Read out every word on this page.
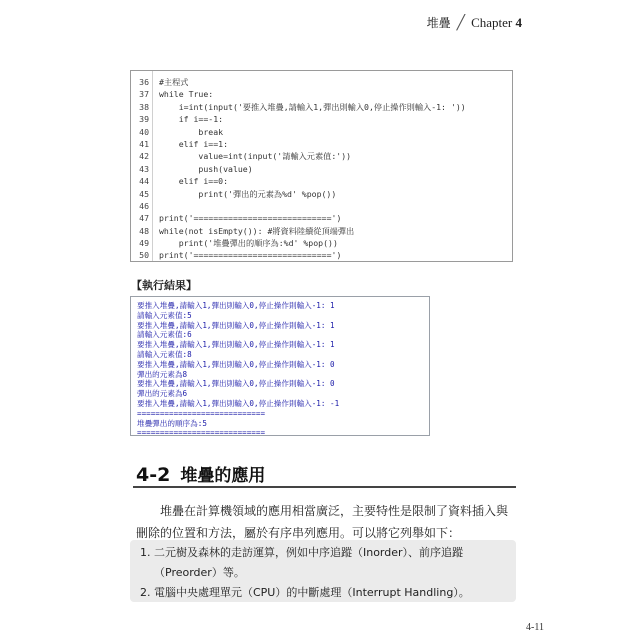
堆疊 ╱ Chapter 4
36	#主程式
37	while True:
38	i=int(input('要推入堆疊,請輸入1,彈出則輸入0,停止操作則輸入-1: '))
39	if i==-1:
40	break
41	elif i==1:
42	value=int(input('請輸入元素值:'))
43	push(value)
44	elif i==0:
45	print('彈出的元素為%d' %pop())
46
47	print('============================')
48	while(not isEmpty()): #將資料陸續從頂端彈出
49	print('堆疊彈出的順序為:%d' %pop())
50	print('============================')
【執行結果】
要推入堆疊,請輸入1,彈出則輸入0,停止操作則輸入-1: 1
請輸入元素值:5
要推入堆疊,請輸入1,彈出則輸入0,停止操作則輸入-1: 1
請輸入元素值:6
要推入堆疊,請輸入1,彈出則輸入0,停止操作則輸入-1: 1
請輸入元素值:8
要推入堆疊,請輸入1,彈出則輸入0,停止操作則輸入-1: 0
彈出的元素為8
要推入堆疊,請輸入1,彈出則輸入0,停止操作則輸入-1: 0
彈出的元素為6
要推入堆疊,請輸入1,彈出則輸入0,停止操作則輸入-1: -1
============================
堆疊彈出的順序為:5
============================
4-2 堆疊的應用

堆疊在計算機領域的應用相當廣泛，主要特性是限制了資料插入與刪除的位置和方法，屬於有序串列應用。可以將它列舉如下：

1. 二元樹及森林的走訪運算，例如中序追蹤（Inorder）、前序追蹤
（Preorder）等。
2. 電腦中央處理單元（CPU）的中斷處理（Interrupt Handling）。
4-11
